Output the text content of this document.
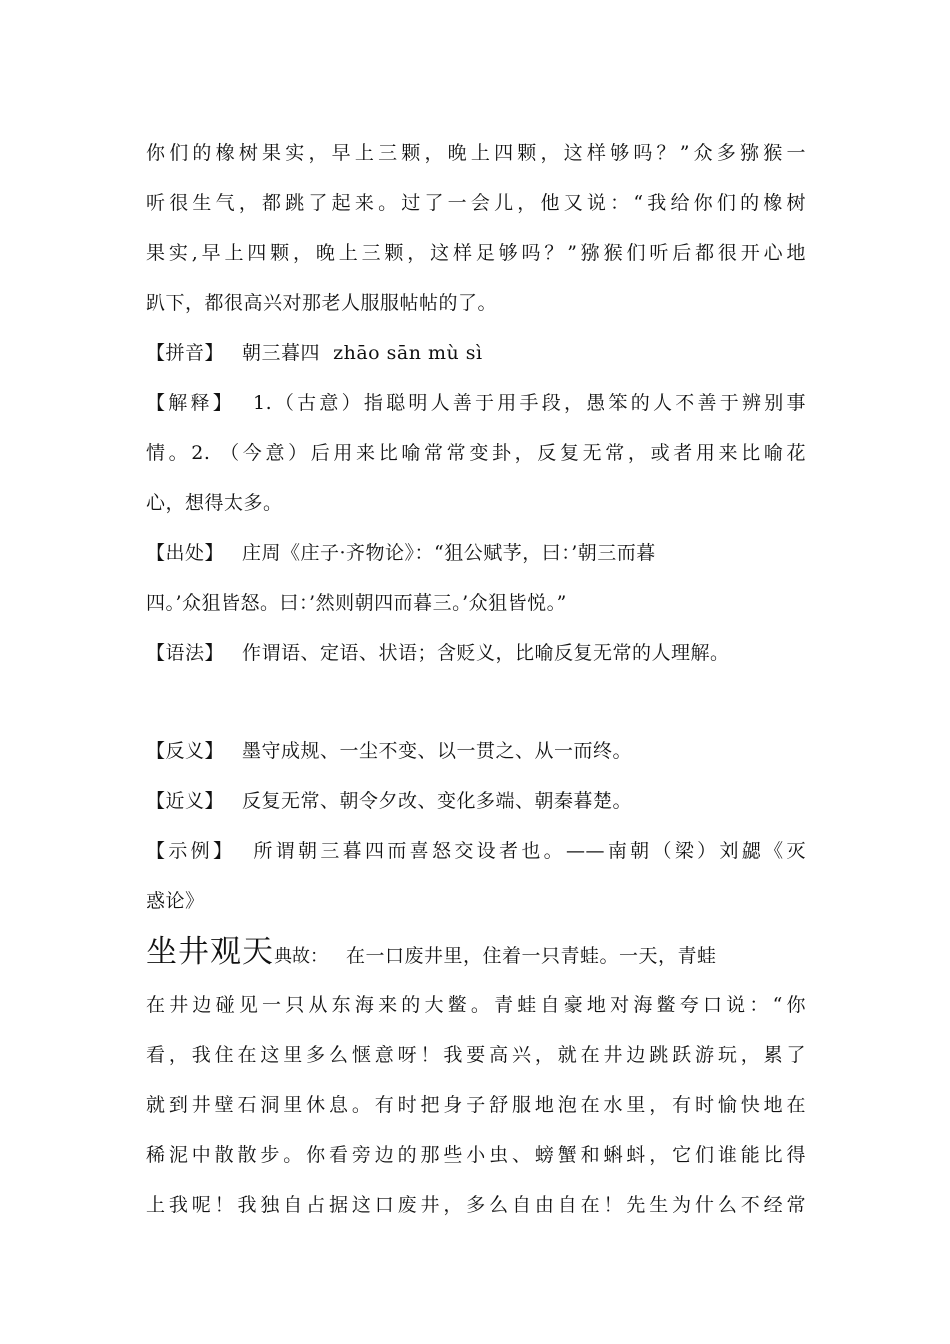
你们的橡树果实，早上三颗，晚上四颗，这样够吗？”众多猕猴一
听很生气，都跳了起来。过了一会儿，他又说：“我给你们的橡树
果实,早上四颗，晚上三颗，这样足够吗？”猕猴们听后都很开心地
趴下，都很高兴对那老人服服帖帖的了。
【拼音】 朝三暮四  zhāo sān mù sì
【解释】 1.（古意）指聪明人善于用手段，愚笨的人不善于辨别事
情。2. （今意）后用来比喻常常变卦，反复无常，或者用来比喻花
心，想得太多。
【出处】 庄周《庄子·齐物论》：“狙公赋芧，曰：’朝三而暮
四。’众狙皆怒。曰：’然则朝四而暮三。’众狙皆悦。”
【语法】 作谓语、定语、状语；含贬义，比喻反复无常的人理解。
【反义】 墨守成规、一尘不变、以一贯之、从一而终。
【近义】 反复无常、朝令夕改、变化多端、朝秦暮楚。
【示例】 所谓朝三暮四而喜怒交设者也。——南朝（梁）刘勰《灭
惑论》
坐井观天典故： 在一口废井里，住着一只青蛙。一天，青蛙
在井边碰见一只从东海来的大鳖。青蛙自豪地对海鳖夸口说：“你
看，我住在这里多么惬意呀！我要高兴，就在井边跳跃游玩，累了
就到井壁石洞里休息。有时把身子舒服地泡在水里，有时愉快地在
稀泥中散散步。你看旁边的那些小虫、螃蟹和蝌蚪，它们谁能比得
上我呢！我独自占据这口废井，多么自由自在！先生为什么不经常
